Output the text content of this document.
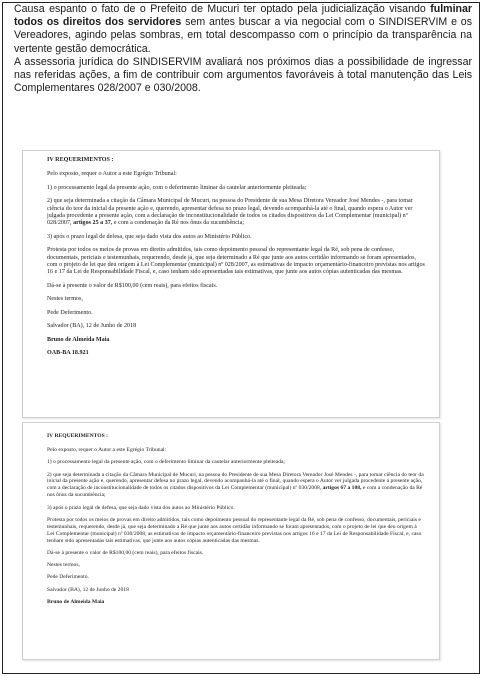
Causa espanto o fato de o Prefeito de Mucuri ter optado pela judicialização visando fulminar todos os direitos dos servidores sem antes buscar a via negocial com o SINDISERVIM e os Vereadores, agindo pelas sombras, em total descompasso com o princípio da transparência na vertente gestão democrática.

A assessoria jurídica do SINDISERVIM avaliará nos próximos dias a possibilidade de ingressar nas referidas ações, a fim de contribuir com argumentos favoráveis à total manutenção das Leis Complementares 028/2007 e 030/2008.

IV REQUERIMENTOS :

Pelo exposto, requer o Autor a este Egrégio Tribunal:

1) o processamento legal da presente ação, com o deferimento liminar da cautelar anteriormente pleiteada;

2) que seja determinada a citação da Câmara Municipal de Mucuri, na pessoa do Presidente de sua Mesa Diretora Vereador José Mendes -, para tomar ciência do teor da inicial da presente ação e, querendo, apresentar defesa no prazo legal, devendo acompanhá-la até o final, quando espera o Autor ver julgada procedente a presente ação, com a declaração de inconstitucionalidade de todos os citados dispositivos da Lei Complementar (municipal) nº 028/2007, artigos 25 a 37, e com a condenação da Ré nos ônus da sucumbência;

3) após o prazo legal de defesa, que seja dado vista dos autos ao Ministério Público.

Protesta por todos os meios de provas em direito admitidos, tais como depoimento pessoal do representante legal da Ré, sob pena de confesso, documentais, periciais e testemunhais, requerendo, desde já, que seja determinado a Ré que junte aos autos certidão informando se foram apresentados, com o projeto de lei que deu origem à Lei Complementar (municipal) nº 028/2007, as estimativas de impacto orçamentário-financeiro previstas nos artigos 16 e 17 da Lei de Responsabilidade Fiscal, e, caso tenham sido apresentadas tais estimativas, que junte aos autos cópias autenticadas das mesmas.

Dá-se à presente o valor de R$100,00 (cem reais), para efeitos fiscais.

Nestes termos,

Pede Deferimento.

Salvador (BA), 12 de Junho de 2018

Bruno de Almeida Maia

OAB-BA 18.921

IV REQUERIMENTOS :

Pelo exposto, requer o Autor a este Egrégio Tribunal:

1) o processamento legal da presente ação, com o deferimento liminar da cautelar anteriormente pleiteada;

2) que seja determinada a citação da Câmara Municipal de Mucuri, na pessoa do Presidente de sua Mesa Diretora Vereador José Mendes -, para tomar ciência do teor da inicial da presente ação e, querendo, apresentar defesa no prazo legal, devendo acompanhá-la até o final, quando espera o Autor ver julgada procedente a presente ação, com a declaração de inconstitucionalidade de todos os citados dispositivos da Lei Complementar (municipal) nº 030/2008, artigos 67 a 108, e com a condenação da Ré nos ônus da sucumbência;

3) após o prazo legal de defesa, que seja dado vista dos autos ao Ministério Público.

Protesta por todos os meios de provas em direito admitidos, tais como depoimento pessoal do representante legal da Ré, sob pena de confesso, documentais, periciais e testemunhais, requerendo, desde já, que seja determinado a Ré que junte aos autos certidão informando se foram apresentados, com o projeto de lei que deu origem à Lei Complementar (municipal) nº 030/2008, as estimativas de impacto orçamentário-financeiro previstas nos artigos 16 e 17 da Lei de Responsabilidade Fiscal, e, caso tenham sido apresentadas tais estimativas, que junte aos autos cópias autenticadas das mesmas.

Dá-se à presente o valor de R$100,00 (cem reais), para efeitos fiscais.

Nestes termos,

Pede Deferimento.

Salvador (BA), 12 de Junho de 2018

Bruno de Almeida Maia
